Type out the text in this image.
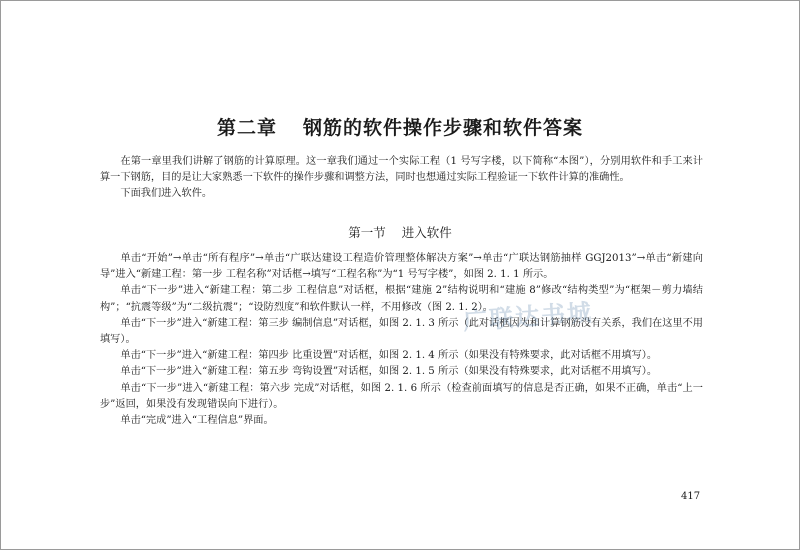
第二章 钢筋的软件操作步骤和软件答案

在第一章里我们讲解了钢筋的计算原理。这一章我们通过一个实际工程（1 号写字楼，以下简称“本图”），分别用软件和手工来计算一下钢筋，目的是让大家熟悉一下软件的操作步骤和调整方法，同时也想通过实际工程验证一下软件计算的准确性。

下面我们进入软件。

第一节 进入软件

单击“开始”→单击“所有程序”→单击“广联达建设工程造价管理整体解决方案”→单击“广联达钢筋抽样 GGJ2013”→单击“新建向导”进入“新建工程：第一步 工程名称”对话框→填写“工程名称”为“1 号写字楼”，如图 2. 1. 1 所示。

单击“下一步”进入“新建工程：第二步 工程信息”对话框，根据“建施 2”结构说明和“建施 8”修改“结构类型”为“框架－剪力墙结构”；“抗震等级”为“二级抗震”；“设防烈度”和软件默认一样，不用修改（图 2. 1. 2）。

单击“下一步”进入“新建工程：第三步 编制信息”对话框，如图 2. 1. 3 所示（此对话框因为和计算钢筋没有关系，我们在这里不用填写）。

单击“下一步”进入“新建工程：第四步 比重设置”对话框，如图 2. 1. 4 所示（如果没有特殊要求，此对话框不用填写）。

单击“下一步”进入“新建工程：第五步 弯钩设置”对话框，如图 2. 1. 5 所示（如果没有特殊要求，此对话框不用填写）。

单击“下一步”进入“新建工程：第六步 完成”对话框，如图 2. 1. 6 所示（检查前面填写的信息是否正确，如果不正确，单击“上一步”返回，如果没有发现错误向下进行）。

单击“完成”进入“工程信息”界面。

广联达书城
417
